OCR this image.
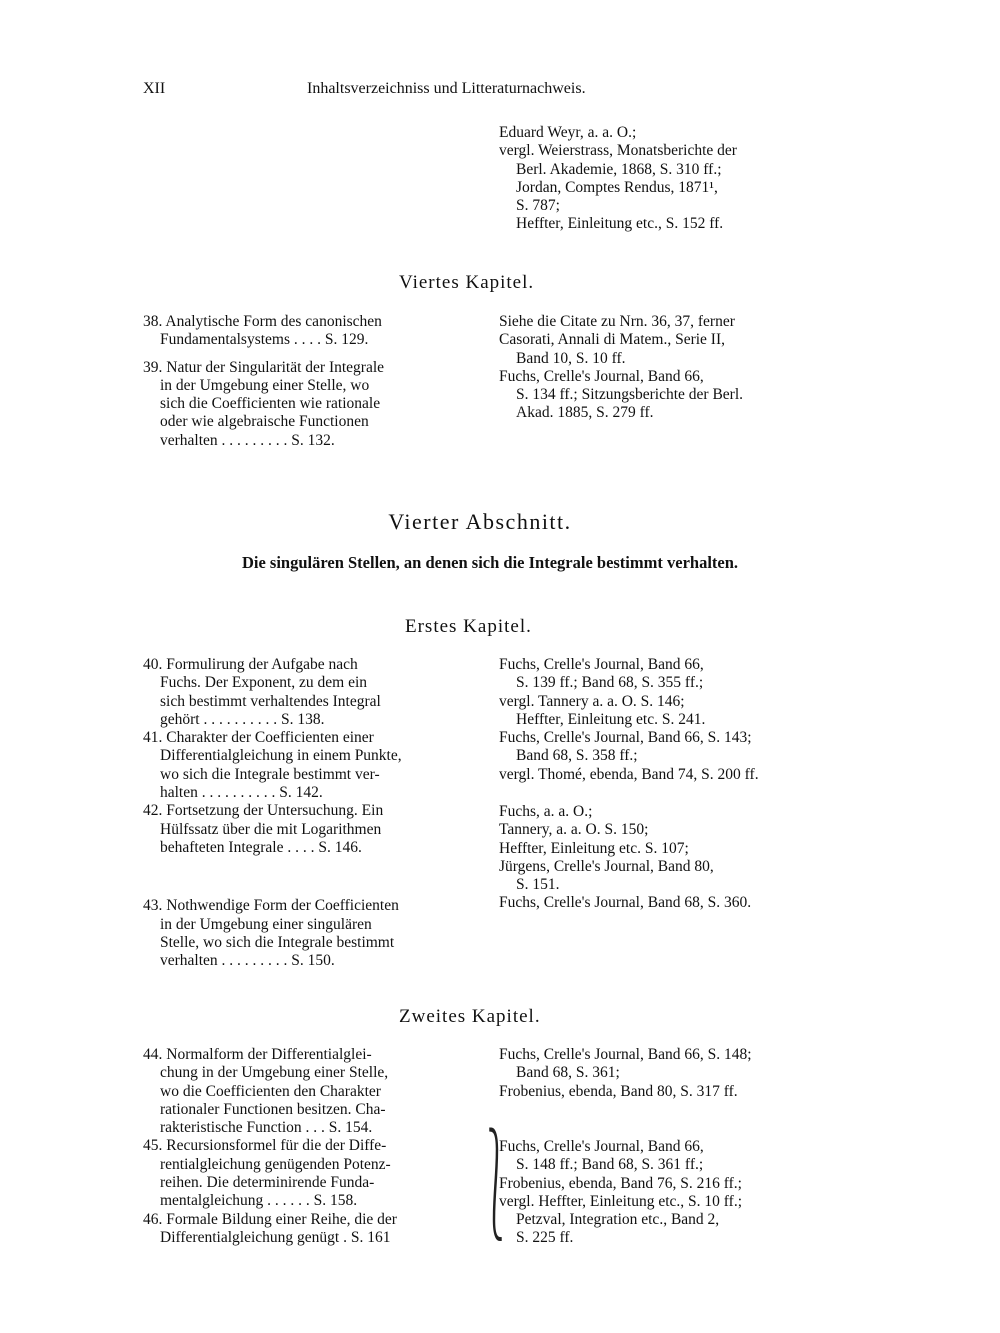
XII	Inhaltsverzeichniss und Litteraturnachweis.
Eduard Weyr, a. a. O.;
vergl. Weierstrass, Monatsberichte der
Berl. Akademie, 1868, S. 310 ff.;
Jordan, Comptes Rendus, 1871¹,
S. 787;
Heffter, Einleitung etc., S. 152 ff.
Viertes Kapitel.
38. Analytische Form des canonischen
Fundamentalsystems . . . . S. 129.
39. Natur der Singularität der Integrale
in der Umgebung einer Stelle, wo
sich die Coefficienten wie rationale
oder wie algebraische Functionen
verhalten . . . . . . . . . S. 132.
Siehe die Citate zu Nrn. 36, 37, ferner
Casorati, Annali di Matem., Serie II,
Band 10, S. 10 ff.
Fuchs, Crelle's Journal, Band 66,
S. 134 ff.; Sitzungsberichte der Berl.
Akad. 1885, S. 279 ff.
Vierter Abschnitt.
Die singulären Stellen, an denen sich die Integrale bestimmt verhalten.
Erstes Kapitel.
40. Formulirung der Aufgabe nach
Fuchs. Der Exponent, zu dem ein
sich bestimmt verhaltendes Integral
gehört . . . . . . . . . . S. 138.
41. Charakter der Coefficienten einer
Differentialgleichung in einem Punkte,
wo sich die Integrale bestimmt ver-
halten . . . . . . . . . . S. 142.
42. Fortsetzung der Untersuchung. Ein
Hülfssatz über die mit Logarithmen
behafteten Integrale . . . . S. 146.
43. Nothwendige Form der Coefficienten
in der Umgebung einer singulären
Stelle, wo sich die Integrale bestimmt
verhalten . . . . . . . . . S. 150.
Fuchs, Crelle's Journal, Band 66,
S. 139 ff.; Band 68, S. 355 ff.;
vergl. Tannery a. a. O. S. 146;
Heffter, Einleitung etc. S. 241.
Fuchs, Crelle's Journal, Band 66, S. 143;
Band 68, S. 358 ff.;
vergl. Thomé, ebenda, Band 74, S. 200 ff.
Fuchs, a. a. O.;
Tannery, a. a. O. S. 150;
Heffter, Einleitung etc. S. 107;
Jürgens, Crelle's Journal, Band 80,
S. 151.
Fuchs, Crelle's Journal, Band 68, S. 360.
Zweites Kapitel.
44. Normalform der Differentialglei-
chung in der Umgebung einer Stelle,
wo die Coefficienten den Charakter
rationaler Functionen besitzen. Cha-
rakteristische Function . . . S. 154.
45. Recursionsformel für die der Diffe-
rentialgleichung genügenden Potenz-
reihen. Die determinirende Funda-
mentalgleichung . . . . . . S. 158.
46. Formale Bildung einer Reihe, die der
Differentialgleichung genügt . S. 161
Fuchs, Crelle's Journal, Band 66, S. 148;
Band 68, S. 361;
Frobenius, ebenda, Band 80, S. 317 ff.
⎱
Fuchs, Crelle's Journal, Band 66,
S. 148 ff.; Band 68, S. 361 ff.;
Frobenius, ebenda, Band 76, S. 216 ff.;
vergl. Heffter, Einleitung etc., S. 10 ff.;
Petzval, Integration etc., Band 2,
S. 225 ff.
